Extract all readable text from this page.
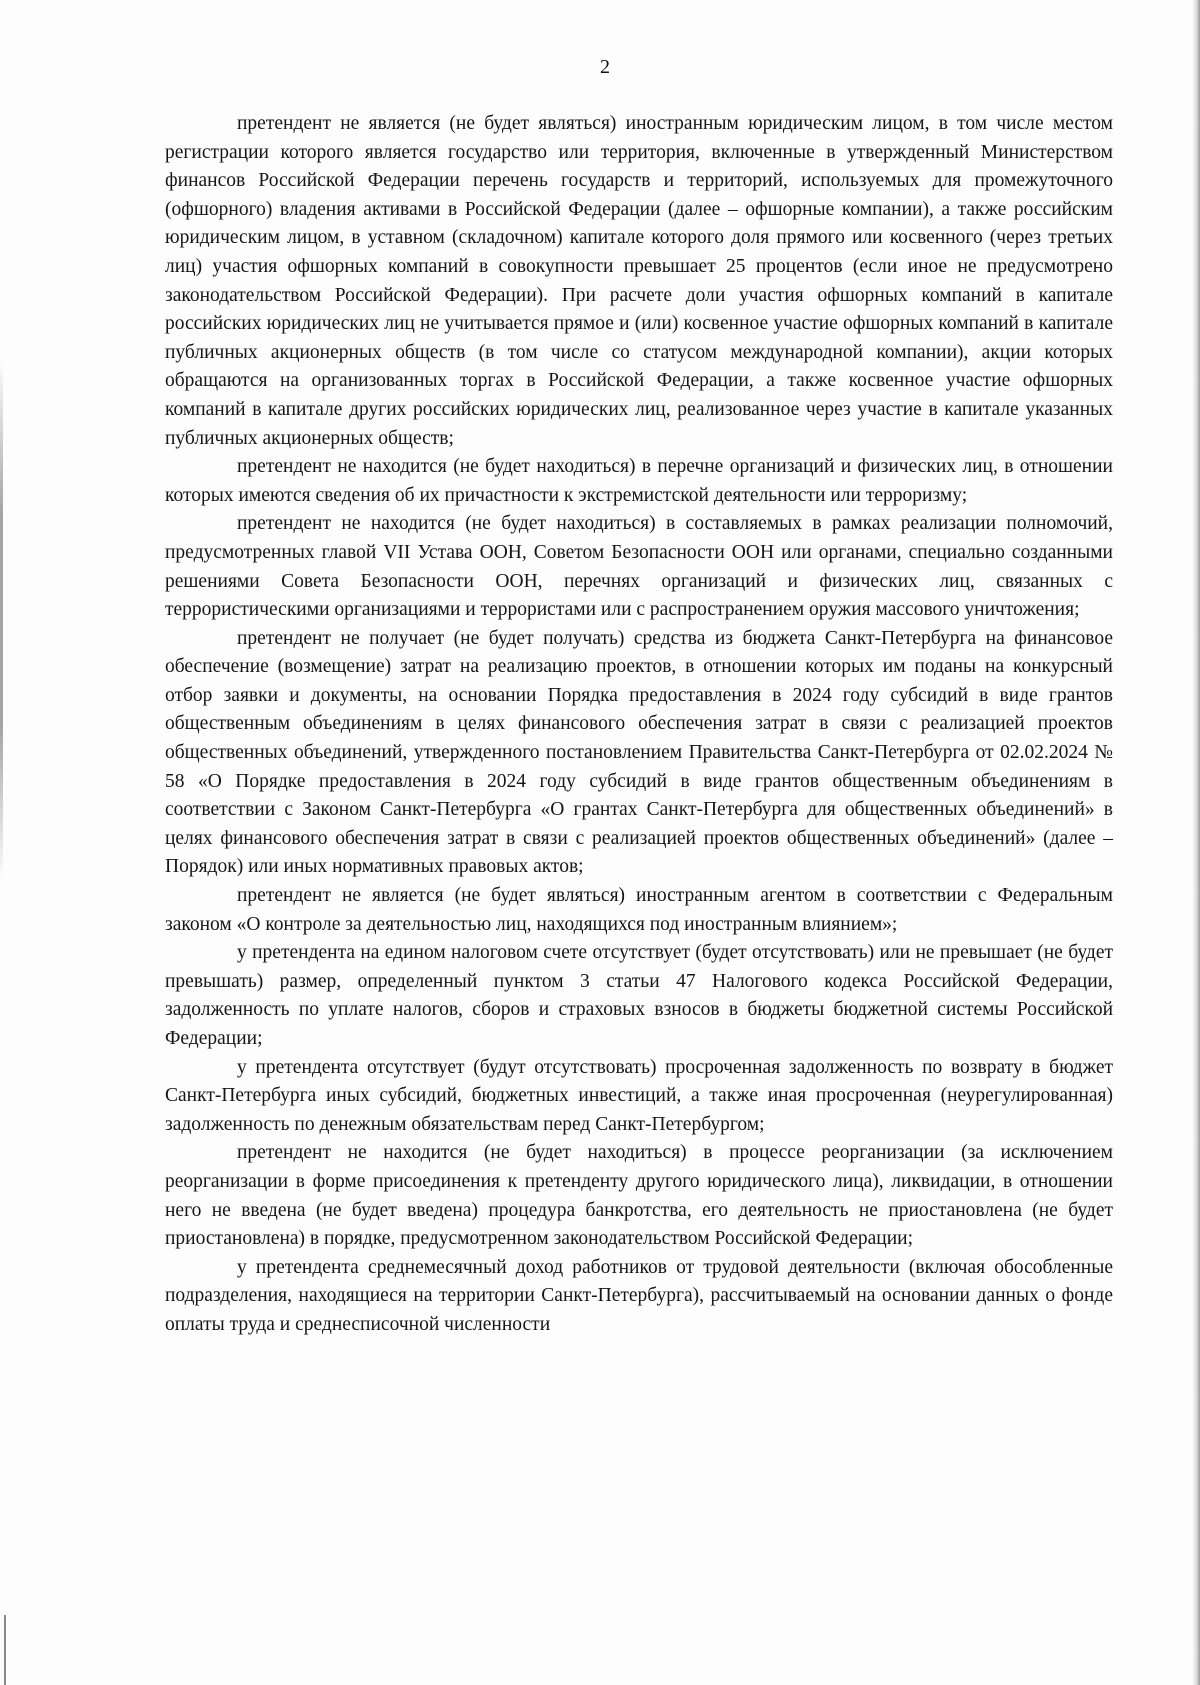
2

претендент не является (не будет являться) иностранным юридическим лицом, в том числе местом регистрации которого является государство или территория, включенные в утвержденный Министерством финансов Российской Федерации перечень государств и территорий, используемых для промежуточного (офшорного) владения активами в Российской Федерации (далее – офшорные компании), а также российским юридическим лицом, в уставном (складочном) капитале которого доля прямого или косвенного (через третьих лиц) участия офшорных компаний в совокупности превышает 25 процентов (если иное не предусмотрено законодательством Российской Федерации). При расчете доли участия офшорных компаний в капитале российских юридических лиц не учитывается прямое и (или) косвенное участие офшорных компаний в капитале публичных акционерных обществ (в том числе со статусом международной компании), акции которых обращаются на организованных торгах в Российской Федерации, а также косвенное участие офшорных компаний в капитале других российских юридических лиц, реализованное через участие в капитале указанных публичных акционерных обществ;

претендент не находится (не будет находиться) в перечне организаций и физических лиц, в отношении которых имеются сведения об их причастности к экстремистской деятельности или терроризму;

претендент не находится (не будет находиться) в составляемых в рамках реализации полномочий, предусмотренных главой VII Устава ООН, Советом Безопасности ООН или органами, специально созданными решениями Совета Безопасности ООН, перечнях организаций и физических лиц, связанных с террористическими организациями и террористами или с распространением оружия массового уничтожения;

претендент не получает (не будет получать) средства из бюджета Санкт-Петербурга на финансовое обеспечение (возмещение) затрат на реализацию проектов, в отношении которых им поданы на конкурсный отбор заявки и документы, на основании Порядка предоставления в 2024 году субсидий в виде грантов общественным объединениям в целях финансового обеспечения затрат в связи с реализацией проектов общественных объединений, утвержденного постановлением Правительства Санкт-Петербурга от 02.02.2024 № 58 «О Порядке предоставления в 2024 году субсидий в виде грантов общественным объединениям в соответствии с Законом Санкт-Петербурга «О грантах Санкт-Петербурга для общественных объединений» в целях финансового обеспечения затрат в связи с реализацией проектов общественных объединений» (далее – Порядок) или иных нормативных правовых актов;

претендент не является (не будет являться) иностранным агентом в соответствии с Федеральным законом «О контроле за деятельностью лиц, находящихся под иностранным влиянием»;

у претендента на едином налоговом счете отсутствует (будет отсутствовать) или не превышает (не будет превышать) размер, определенный пунктом 3 статьи 47 Налогового кодекса Российской Федерации, задолженность по уплате налогов, сборов и страховых взносов в бюджеты бюджетной системы Российской Федерации;

у претендента отсутствует (будут отсутствовать) просроченная задолженность по возврату в бюджет Санкт-Петербурга иных субсидий, бюджетных инвестиций, а также иная просроченная (неурегулированная) задолженность по денежным обязательствам перед Санкт-Петербургом;

претендент не находится (не будет находиться) в процессе реорганизации (за исключением реорганизации в форме присоединения к претенденту другого юридического лица), ликвидации, в отношении него не введена (не будет введена) процедура банкротства, его деятельность не приостановлена (не будет приостановлена) в порядке, предусмотренном законодательством Российской Федерации;

у претендента среднемесячный доход работников от трудовой деятельности (включая обособленные подразделения, находящиеся на территории Санкт-Петербурга), рассчитываемый на основании данных о фонде оплаты труда и среднесписочной численности
